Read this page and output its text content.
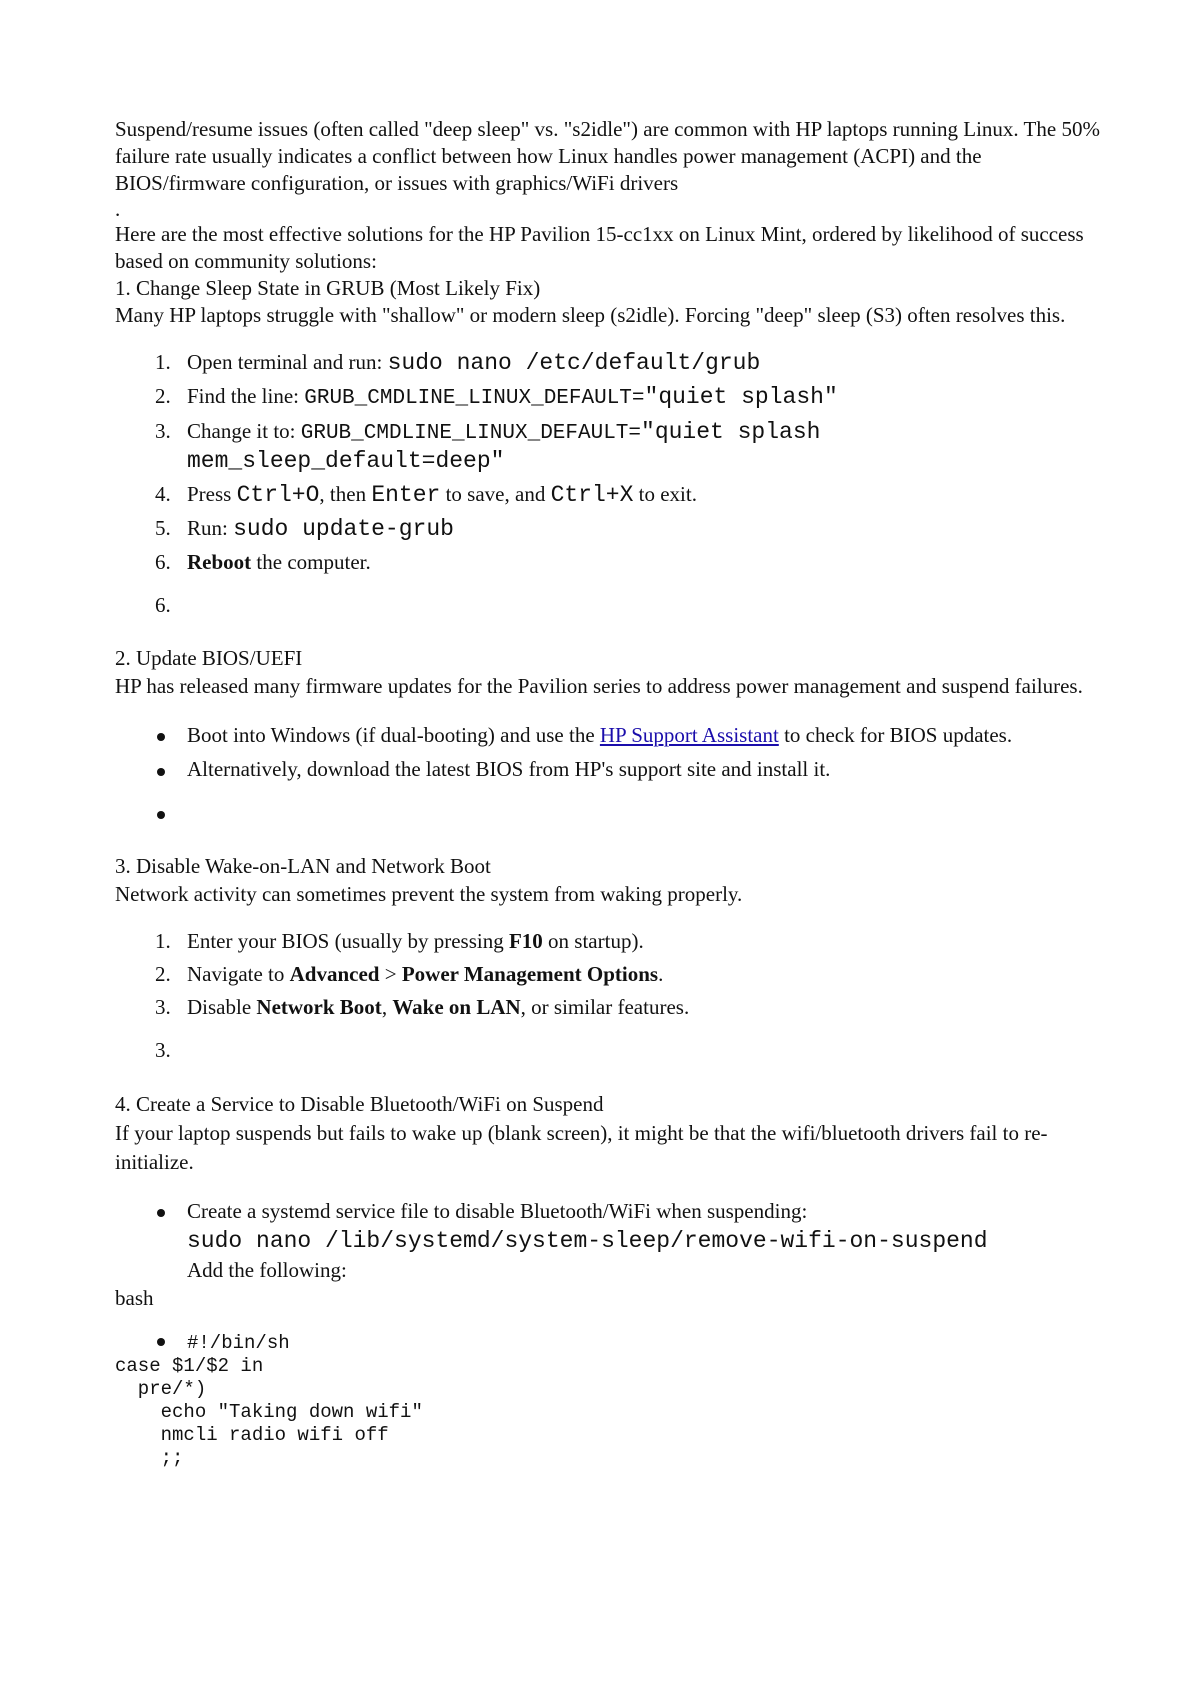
Suspend/resume issues (often called "deep sleep" vs. "s2idle") are common with HP laptops running Linux. The 50% failure rate usually indicates a conflict between how Linux handles power management (ACPI) and the BIOS/firmware configuration, or issues with graphics/WiFi drivers

.

Here are the most effective solutions for the HP Pavilion 15-cc1xx on Linux Mint, ordered by likelihood of success based on community solutions:

1. Change Sleep State in GRUB (Most Likely Fix)

Many HP laptops struggle with "shallow" or modern sleep (s2idle). Forcing "deep" sleep (S3) often resolves this.

1. Open terminal and run: sudo nano /etc/default/grub
2. Find the line: GRUB_CMDLINE_LINUX_DEFAULT="quiet splash"
3. Change it to: GRUB_CMDLINE_LINUX_DEFAULT="quiet splash mem_sleep_default=deep"
4. Press Ctrl+O, then Enter to save, and Ctrl+X to exit.
5. Run: sudo update-grub
6. Reboot the computer.
6.

2. Update BIOS/UEFI

HP has released many firmware updates for the Pavilion series to address power management and suspend failures.

Boot into Windows (if dual-booting) and use the HP Support Assistant to check for BIOS updates.
Alternatively, download the latest BIOS from HP's support site and install it.

3. Disable Wake-on-LAN and Network Boot

Network activity can sometimes prevent the system from waking properly.

1. Enter your BIOS (usually by pressing F10 on startup).
2. Navigate to Advanced > Power Management Options.
3. Disable Network Boot, Wake on LAN, or similar features.
3.

4. Create a Service to Disable Bluetooth/WiFi on Suspend

If your laptop suspends but fails to wake up (blank screen), it might be that the wifi/bluetooth drivers fail to re-initialize.

Create a systemd service file to disable Bluetooth/WiFi when suspending:
sudo nano /lib/systemd/system-sleep/remove-wifi-on-suspend
Add the following:

bash

#!/bin/sh
case $1/$2 in
pre/*)
echo "Taking down wifi"
nmcli radio wifi off
;;
